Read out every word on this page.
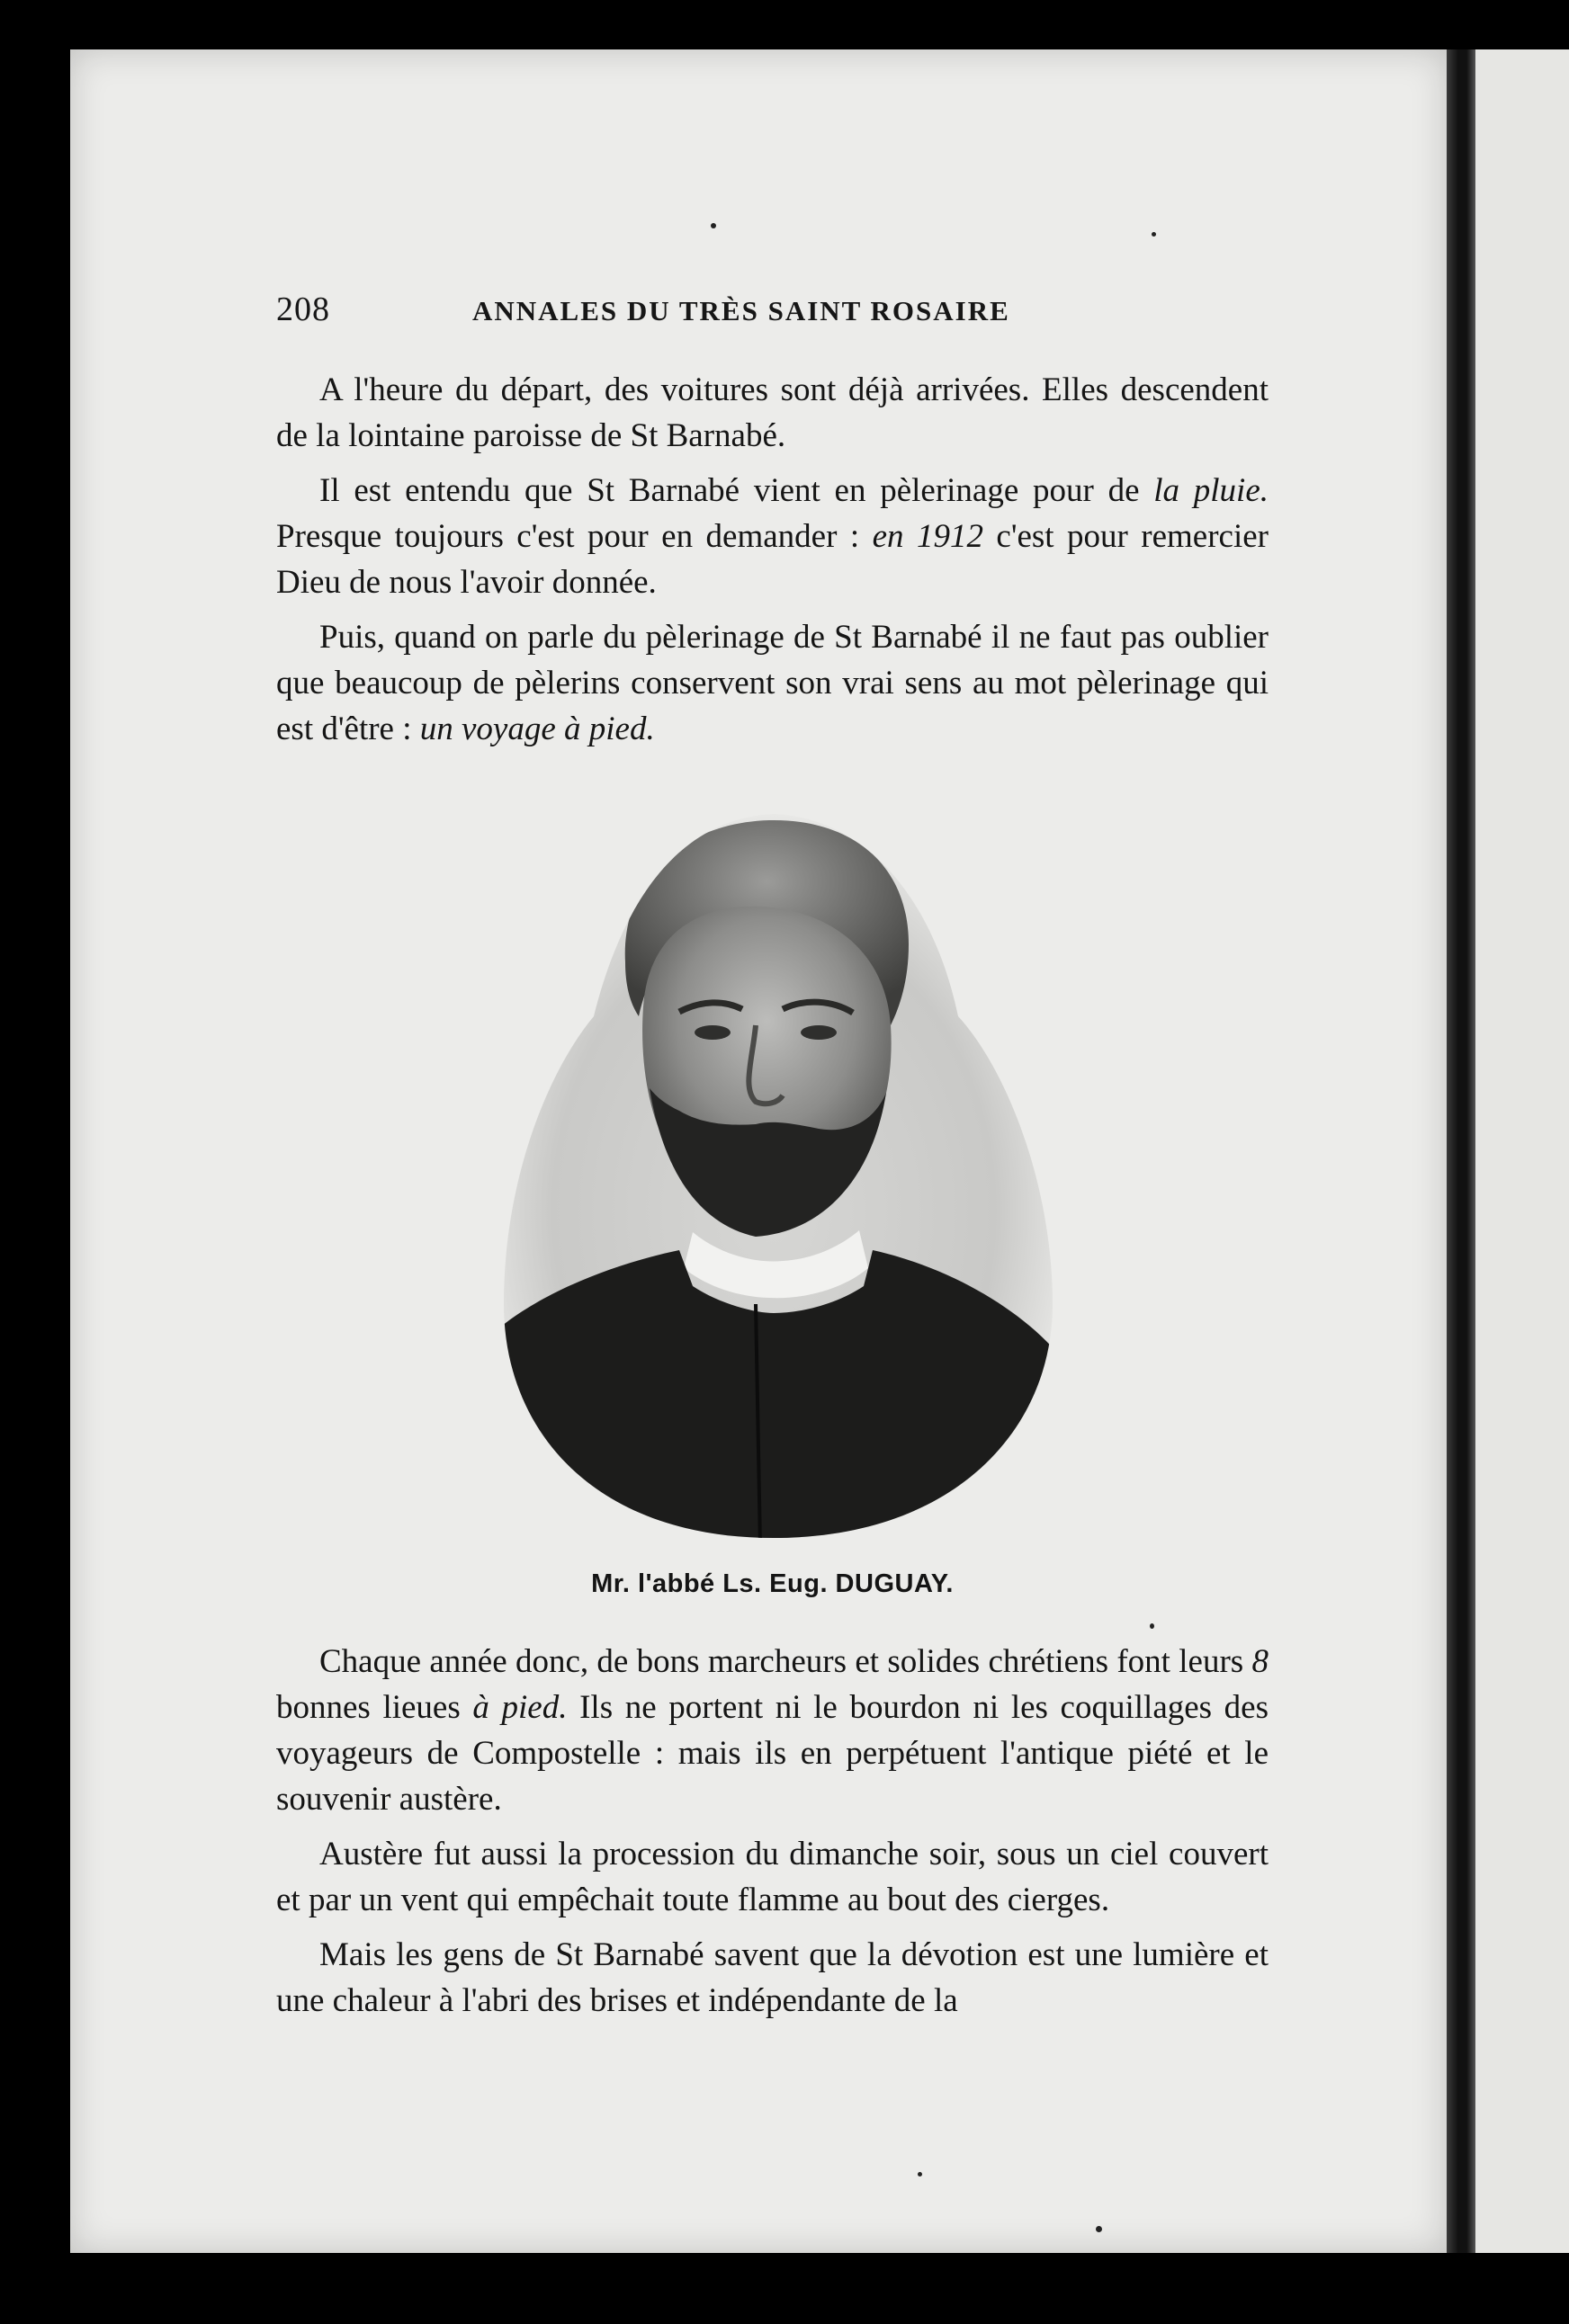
208	ANNALES DU TRÈS SAINT ROSAIRE

A l'heure du départ, des voitures sont déjà arrivées. Elles descendent de la lointaine paroisse de St Barnabé.

Il est entendu que St Barnabé vient en pèlerinage pour de la pluie. Presque toujours c'est pour en demander : en 1912 c'est pour remercier Dieu de nous l'avoir donnée.

Puis, quand on parle du pèlerinage de St Barnabé il ne faut pas oublier que beaucoup de pèlerins conservent son vrai sens au mot pèlerinage qui est d'être : un voyage à pied.

Mr. l'abbé Ls. Eug. DUGUAY.

Chaque année donc, de bons marcheurs et solides chrétiens font leurs 8 bonnes lieues à pied. Ils ne portent ni le bourdon ni les coquillages des voyageurs de Compostelle : mais ils en perpétuent l'antique piété et le souvenir austère.

Austère fut aussi la procession du dimanche soir, sous un ciel couvert et par un vent qui empêchait toute flamme au bout des cierges.

Mais les gens de St Barnabé savent que la dévotion est une lumière et une chaleur à l'abri des brises et indépendante de la
